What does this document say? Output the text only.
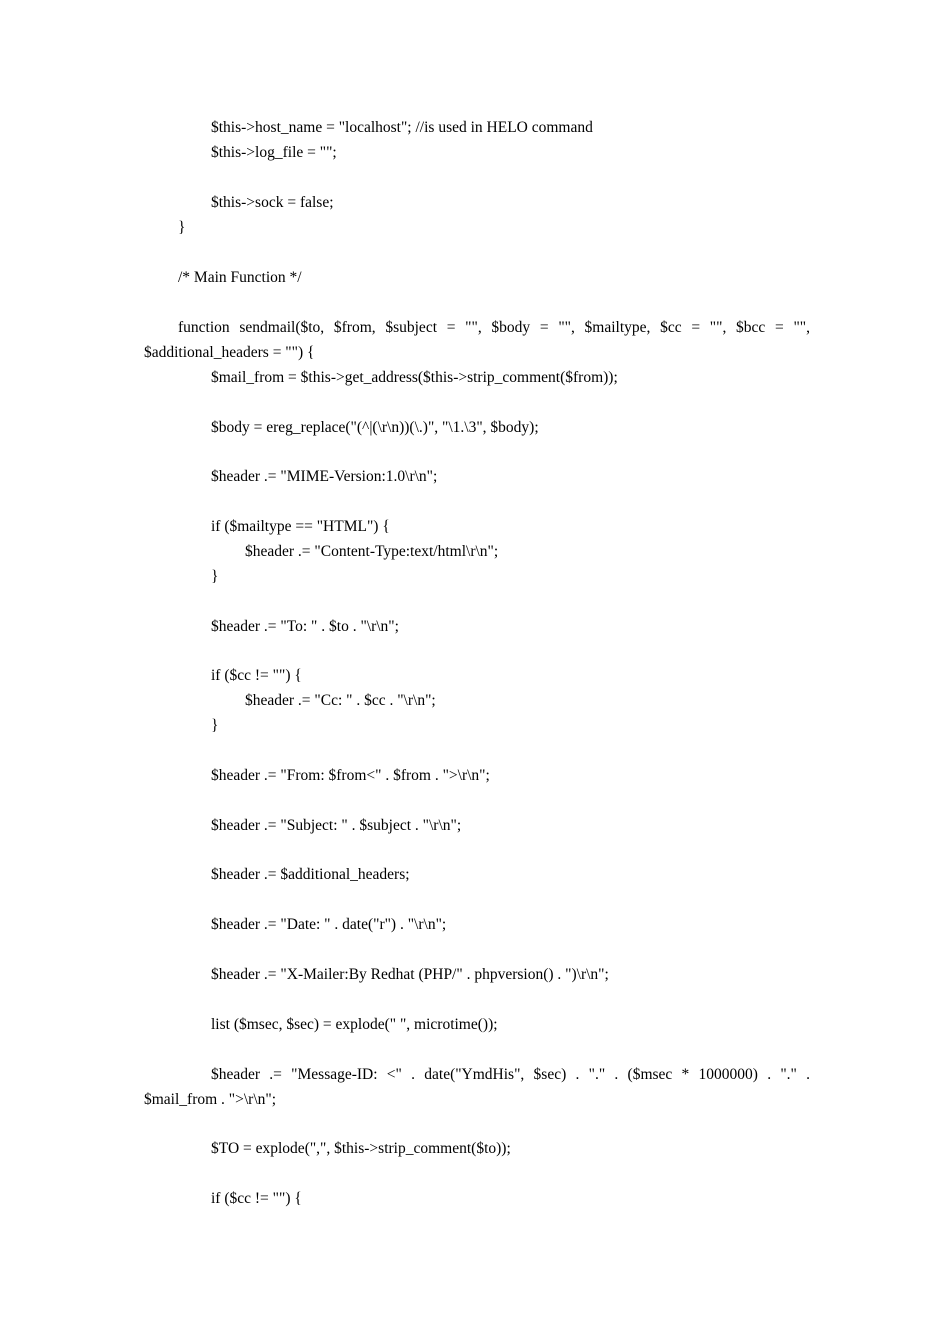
$this->host_name = "localhost"; //is used in HELO command
$this->log_file = "";
$this->sock = false;
}
/* Main Function */
function sendmail($to, $from, $subject = "", $body = "", $mailtype, $cc = "", $bcc = "",
$additional_headers = "") {
$mail_from = $this->get_address($this->strip_comment($from));
$body = ereg_replace("(^|(\r\n))(\.)", "\1.\3", $body);
$header .= "MIME-Version:1.0\r\n";
if ($mailtype == "HTML") {
$header .= "Content-Type:text/html\r\n";
}
$header .= "To: " . $to . "\r\n";
if ($cc != "") {
$header .= "Cc: " . $cc . "\r\n";
}
$header .= "From: $from<" . $from . ">\r\n";
$header .= "Subject: " . $subject . "\r\n";
$header .= $additional_headers;
$header .= "Date: " . date("r") . "\r\n";
$header .= "X-Mailer:By Redhat (PHP/" . phpversion() . ")\r\n";
list ($msec, $sec) = explode(" ", microtime());
$header .= "Message-ID: <" . date("YmdHis", $sec) . "." . ($msec * 1000000) . "." .
$mail_from . ">\r\n";
$TO = explode(",", $this->strip_comment($to));
if ($cc != "") {
